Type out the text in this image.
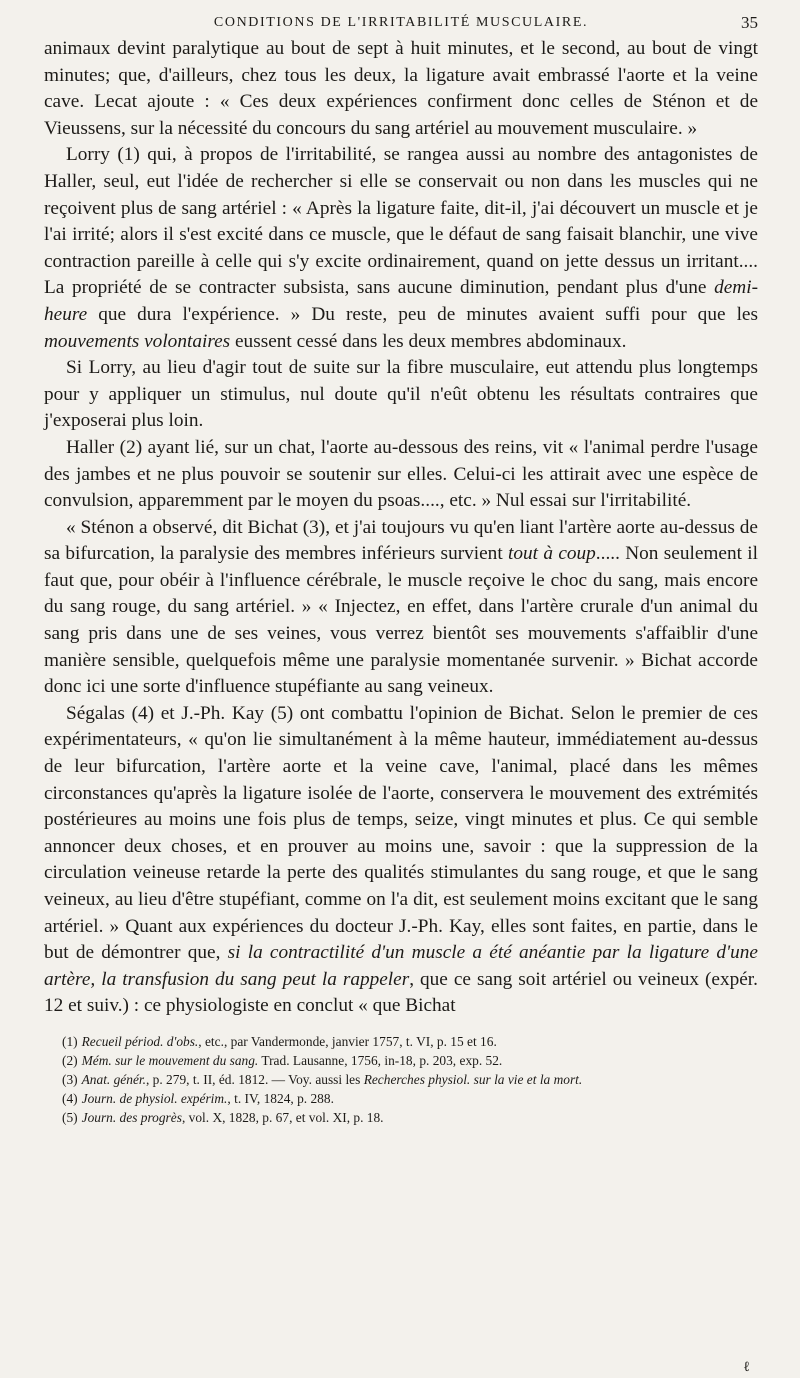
CONDITIONS DE L'IRRITABILITÉ MUSCULAIRE.	35

animaux devint paralytique au bout de sept à huit minutes, et le second, au bout de vingt minutes; que, d'ailleurs, chez tous les deux, la ligature avait embrassé l'aorte et la veine cave. Lecat ajoute : « Ces deux expériences confirment donc celles de Sténon et de Vieussens, sur la nécessité du concours du sang artériel au mouvement musculaire. »

Lorry (1) qui, à propos de l'irritabilité, se rangea aussi au nombre des antagonistes de Haller, seul, eut l'idée de rechercher si elle se conservait ou non dans les muscles qui ne reçoivent plus de sang artériel : « Après la ligature faite, dit-il, j'ai découvert un muscle et je l'ai irrité; alors il s'est excité dans ce muscle, que le défaut de sang faisait blanchir, une vive contraction pareille à celle qui s'y excite ordinairement, quand on jette dessus un irritant.... La propriété de se contracter subsista, sans aucune diminution, pendant plus d'une demi-heure que dura l'expérience. » Du reste, peu de minutes avaient suffi pour que les mouvements volontaires eussent cessé dans les deux membres abdominaux.

Si Lorry, au lieu d'agir tout de suite sur la fibre musculaire, eut attendu plus longtemps pour y appliquer un stimulus, nul doute qu'il n'eût obtenu les résultats contraires que j'exposerai plus loin.

Haller (2) ayant lié, sur un chat, l'aorte au-dessous des reins, vit « l'animal perdre l'usage des jambes et ne plus pouvoir se soutenir sur elles. Celui-ci les attirait avec une espèce de convulsion, apparemment par le moyen du psoas...., etc. » Nul essai sur l'irritabilité.

« Sténon a observé, dit Bichat (3), et j'ai toujours vu qu'en liant l'artère aorte au-dessus de sa bifurcation, la paralysie des membres inférieurs survient tout à coup..... Non seulement il faut que, pour obéir à l'influence cérébrale, le muscle reçoive le choc du sang, mais encore du sang rouge, du sang artériel. » « Injectez, en effet, dans l'artère crurale d'un animal du sang pris dans une de ses veines, vous verrez bientôt ses mouvements s'affaiblir d'une manière sensible, quelquefois même une paralysie momentanée survenir. » Bichat accorde donc ici une sorte d'influence stupéfiante au sang veineux.

Ségalas (4) et J.-Ph. Kay (5) ont combattu l'opinion de Bichat. Selon le premier de ces expérimentateurs, « qu'on lie simultanément à la même hauteur, immédiatement au-dessus de leur bifurcation, l'artère aorte et la veine cave, l'animal, placé dans les mêmes circonstances qu'après la ligature isolée de l'aorte, conservera le mouvement des extrémités postérieures au moins une fois plus de temps, seize, vingt minutes et plus. Ce qui semble annoncer deux choses, et en prouver au moins une, savoir : que la suppression de la circulation veineuse retarde la perte des qualités stimulantes du sang rouge, et que le sang veineux, au lieu d'être stupéfiant, comme on l'a dit, est seulement moins excitant que le sang artériel. » Quant aux expériences du docteur J.-Ph. Kay, elles sont faites, en partie, dans le but de démontrer que, si la contractilité d'un muscle a été anéantie par la ligature d'une artère, la transfusion du sang peut la rappeler, que ce sang soit artériel ou veineux (expér. 12 et suiv.) : ce physiologiste en conclut « que Bichat

(1) Recueil périod. d'obs., etc., par Vandermonde, janvier 1757, t. VI, p. 15 et 16.

(2) Mém. sur le mouvement du sang. Trad. Lausanne, 1756, in-18, p. 203, exp. 52.

(3) Anat. génér., p. 279, t. II, éd. 1812. — Voy. aussi les Recherches physiol. sur la vie et la mort.

(4) Journ. de physiol. expérim., t. IV, 1824, p. 288.

(5) Journ. des progrès, vol. X, 1828, p. 67, et vol. XI, p. 18.

ℓ
